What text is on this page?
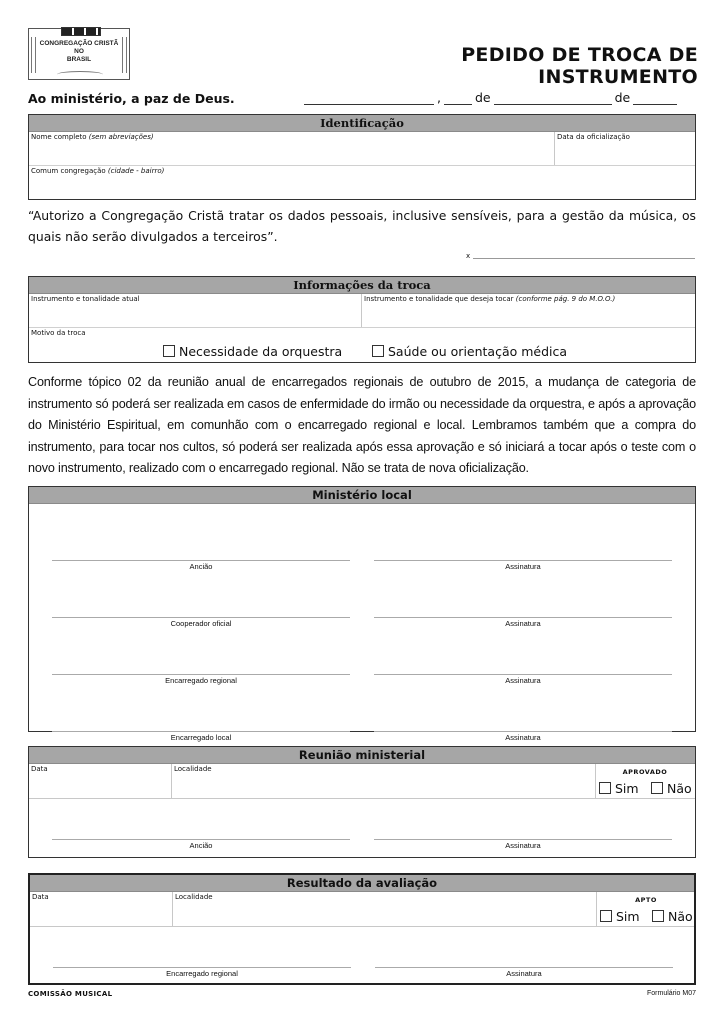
CONGREGAÇÃO CRISTÃ
NO
BRASIL	PEDIDO DE TROCA DE INSTRUMENTO
Ao ministério, a paz de Deus.	,	de	de
Identificação
Nome completo (sem abreviações)	Data da oficialização
Comum congregação (cidade - bairro)
“Autorizo a Congregação Cristã tratar os dados pessoais, inclusive sensíveis, para a gestão da música, os quais não serão divulgados a terceiros”.
x
Informações da troca
Instrumento e tonalidade atual	Instrumento e tonalidade que deseja tocar (conforme pág. 9 do M.O.O.)
Motivo da troca
Necessidade da orquestra	Saúde ou orientação médica
Conforme tópico 02 da reunião anual de encarregados regionais de outubro de 2015, a mudança de categoria de instrumento só poderá ser realizada em casos de enfermidade do irmão ou necessidade da orquestra, e após a aprovação do Ministério Espiritual, em comunhão com o encarregado regional e local. Lembramos também que a compra do instrumento, para tocar nos cultos, só poderá ser realizada após essa aprovação e só iniciará a tocar após o teste com o novo instrumento, realizado com o encarregado regional. Não se trata de nova oficialização.
Ministério local
Ancião	Assinatura
Cooperador oficial	Assinatura
Encarregado regional	Assinatura
Encarregado local	Assinatura
Reunião ministerial
Data	Localidade	APROVADO
Sim	Não
Ancião	Assinatura
Resultado da avaliação
Data	Localidade	APTO
Sim	Não
Encarregado regional	Assinatura
COMISSÃO MUSICAL	Formulário M07
